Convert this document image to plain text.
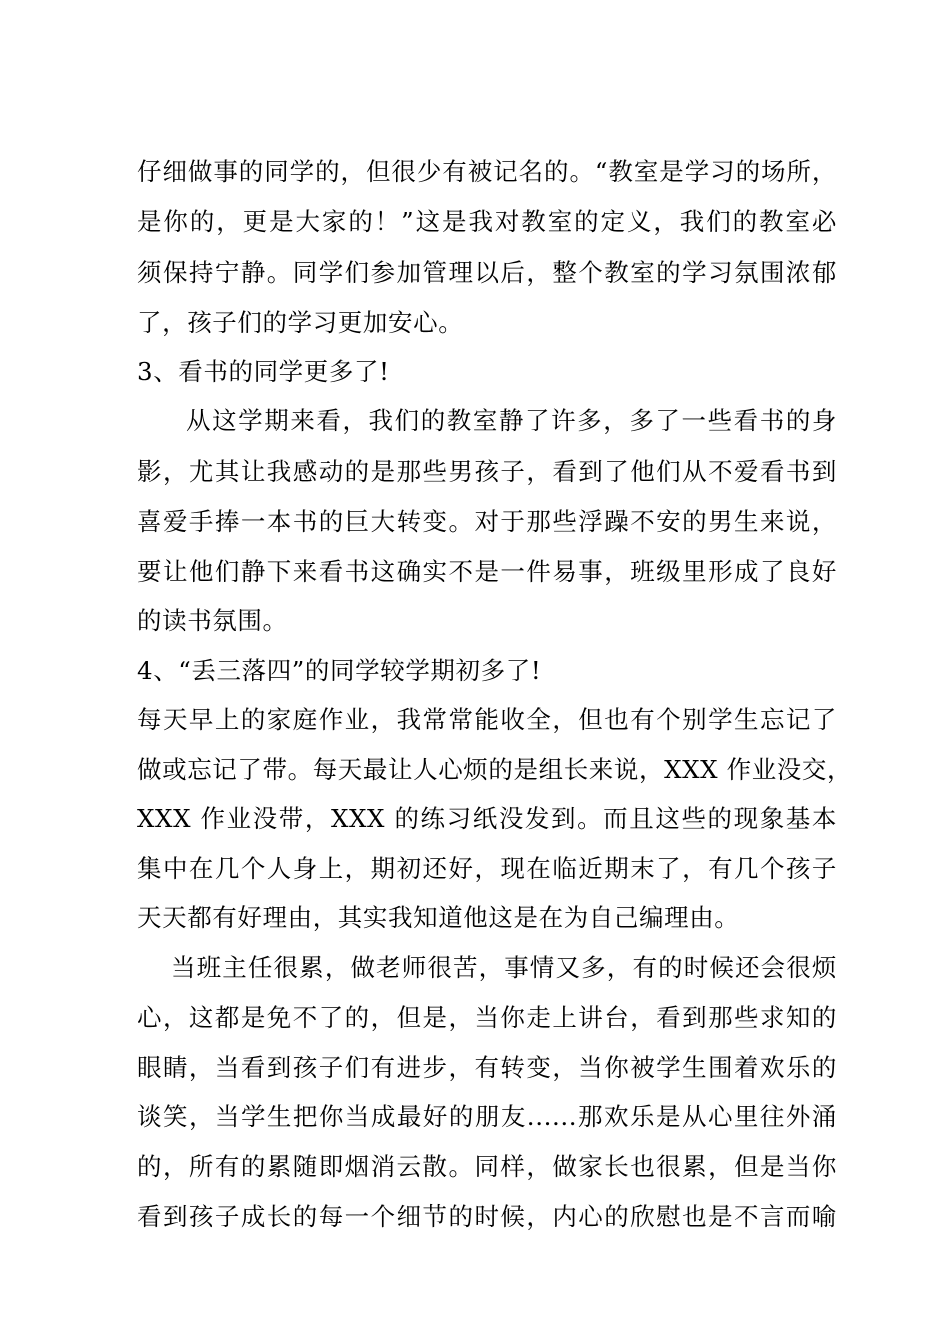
仔细做事的同学的，但很少有被记名的。“教室是学习的场所，
是你的，更是大家的！”这是我对教室的定义，我们的教室必
须保持宁静。同学们参加管理以后，整个教室的学习氛围浓郁
了，孩子们的学习更加安心。
3、看书的同学更多了!
从这学期来看，我们的教室静了许多，多了一些看书的身
影，尤其让我感动的是那些男孩子，看到了他们从不爱看书到
喜爱手捧一本书的巨大转变。对于那些浮躁不安的男生来说，
要让他们静下来看书这确实不是一件易事，班级里形成了良好
的读书氛围。
4、“丢三落四”的同学较学期初多了!
每天早上的家庭作业，我常常能收全，但也有个别学生忘记了
做或忘记了带。每天最让人心烦的是组长来说，XXX 作业没交，
XXX 作业没带，XXX 的练习纸没发到。而且这些的现象基本
集中在几个人身上，期初还好，现在临近期末了，有几个孩子
天天都有好理由，其实我知道他这是在为自己编理由。
当班主任很累，做老师很苦，事情又多，有的时候还会很烦
心，这都是免不了的，但是，当你走上讲台，看到那些求知的
眼睛，当看到孩子们有进步，有转变，当你被学生围着欢乐的
谈笑，当学生把你当成最好的朋友......那欢乐是从心里往外涌
的，所有的累随即烟消云散。同样，做家长也很累，但是当你
看到孩子成长的每一个细节的时候，内心的欣慰也是不言而喻
